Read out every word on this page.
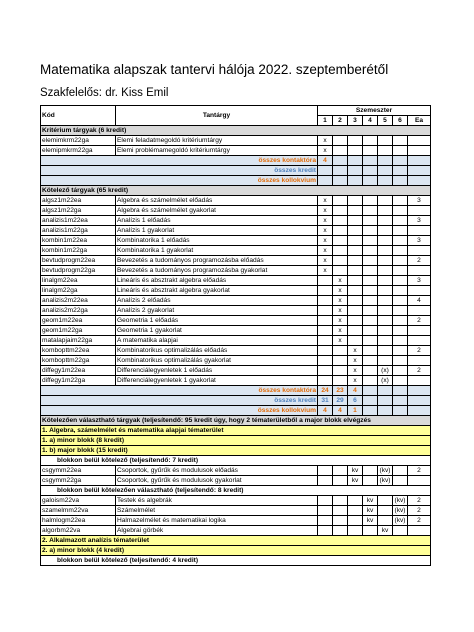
Matematika alapszak tantervi hálója 2022. szeptemberétől

Szakfelelős: dr. Kiss Emil
Kód	Tantárgy	Szemeszter						
		1	2	3	4	5	6	Ea
Kritérium tárgyak (6 kredit)								
elemimkrm22ga	Elemi feladatmegoldó kritériumtárgy	x						
elemipmkrm22ga	Elemi problémamegoldó kritériumtárgy	x						
összes kontaktóra		4						
összes kredit								
összes kollokvium								
Kötelező tárgyak (65 kredit)								
algsz1m22ea	Algebra és számelmélet előadás	x						3
algsz1m22ga	Algebra és számelmélet gyakorlat	x						
analizis1m22ea	Analízis 1 előadás	x						3
analizis1m22ga	Analízis 1 gyakorlat	x						
kombin1m22ea	Kombinatorika 1 előadás	x						3
kombin1m22ga	Kombinatorika 1 gyakorlat	x						
bevtudprogm22ea	Bevezetés a tudományos programozásba előadás	x						2
bevtudprogm22ga	Bevezetés a tudományos programozásba gyakorlat	x						
linalgm22ea	Lineáris és absztrakt algebra előadás		x					3
linalgm22ga	Lineáris és absztrakt algebra gyakorlat		x					
analizis2m22ea	Analízis 2 előadás		x					4
analizis2m22ga	Analízis 2 gyakorlat		x					
geom1m22ea	Geometria 1 előadás		x					2
geom1m22ga	Geometria 1 gyakorlat		x					
matalapjaim22ga	A matematika alapjai		x					
kombopttm22ea	Kombinatorikus optimalizálás előadás			x				2
kombopttm22ga	Kombinatorikus optimalizálás gyakorlat			x				
diffegy1m22ea	Differenciálegyenletek 1 előadás			x		(x)		2
diffegy1m22ga	Differenciálegyenletek 1 gyakorlat			x		(x)		
összes kontaktóra		24	23	4				
összes kredit		31	29	6				
összes kollokvium		4	4	1				
Kötelezően választható tárgyak (teljesítendő: 95 kredit úgy, hogy 2 tématerületből a major blokk elvégzés								
1. Algebra, számelmélet és matematika alapjai tématerület								
1. a) minor blokk (8 kredit)								
1. b) major blokk (15 kredit)								
blokkon belül kötelező (teljesítendő: 7 kredit)								
csgymm22ea	Csoportok, gyűrűk és modulusok előadás			kv		(kv)		2
csgymm22ga	Csoportok, gyűrűk és modulusok gyakorlat			kv		(kv)		
blokkon belül kötelezően választható (teljesítendő: 8 kredit)								
galoism22va	Testek és algebrák				kv		(kv)	2
szamelmm22va	Számelmélet				kv		(kv)	2
halmlogm22ea	Halmazelmélet és matematikai logika				kv		(kv)	2
algorbm22va	Algebrai görbék					kv		
2. Alkalmazott analízis tématerület								
2. a) minor blokk (4 kredit)								
blokkon belül kötelező (teljesítendő: 4 kredit)								
